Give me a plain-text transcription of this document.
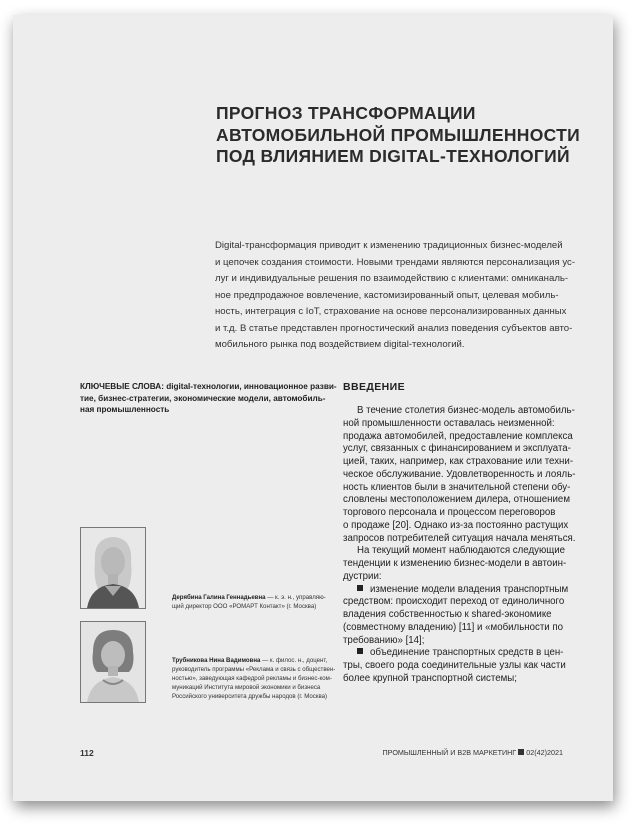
ПРОГНОЗ ТРАНСФОРМАЦИИ
АВТОМОБИЛЬНОЙ ПРОМЫШЛЕННОСТИ
ПОД ВЛИЯНИЕМ DIGITAL-ТЕХНОЛОГИЙ
Digital-трансформация приводит к изменению традиционных бизнес-моделей
и цепочек создания стоимости. Новыми трендами являются персонализация ус-
луг и индивидуальные решения по взаимодействию с клиентами: омниканаль-
ное предпродажное вовлечение, кастомизированный опыт, целевая мобиль-
ность, интеграция с IoT, страхование на основе персонализированных данных
и т.д. В статье представлен прогностический анализ поведения субъектов авто-
мобильного рынка под воздействием digital-технологий.
КЛЮЧЕВЫЕ СЛОВА: digital-технологии, инновационное разви-
тие, бизнес-стратегии, экономические модели, автомобиль-
ная промышленность
ВВЕДЕНИЕ
В течение столетия бизнес-модель автомобиль-
ной промышленности оставалась неизменной:
продажа автомобилей, предоставление комплекса
услуг, связанных с финансированием и эксплуата-
цией, таких, например, как страхование или техни-
ческое обслуживание. Удовлетворенность и лояль-
ность клиентов были в значительной степени обу-
словлены местоположением дилера, отношением
торгового персонала и процессом переговоров
о продаже [20]. Однако из-за постоянно растущих
запросов потребителей ситуация начала меняться.
На текущий момент наблюдаются следующие
тенденции к изменению бизнес-модели в автоин-
дустрии:
изменение модели владения транспортным
средством: происходит переход от единоличного
владения собственностью к shared-экономике
(совместному владению) [11] и «мобильности по
требованию» [14];
объединение транспортных средств в цен-
тры, своего рода соединительные узлы как части
более крупной транспортной системы;
Дерябина Галина Геннадьевна — к. э. н., управляю-
щий директор ООО «РОМАРТ Контакт» (г. Москва)
Трубникова Нина Вадимовна — к. филос. н., доцент,
руководитель программы «Реклама и связь с обществен-
ностью», заведующая кафедрой рекламы и бизнес-ком-
муникаций Института мировой экономики и бизнеса
Российского университета дружбы народов (г. Москва)
112	ПРОМЫШЛЕННЫЙ И B2B МАРКЕТИНГ 02(42)2021
